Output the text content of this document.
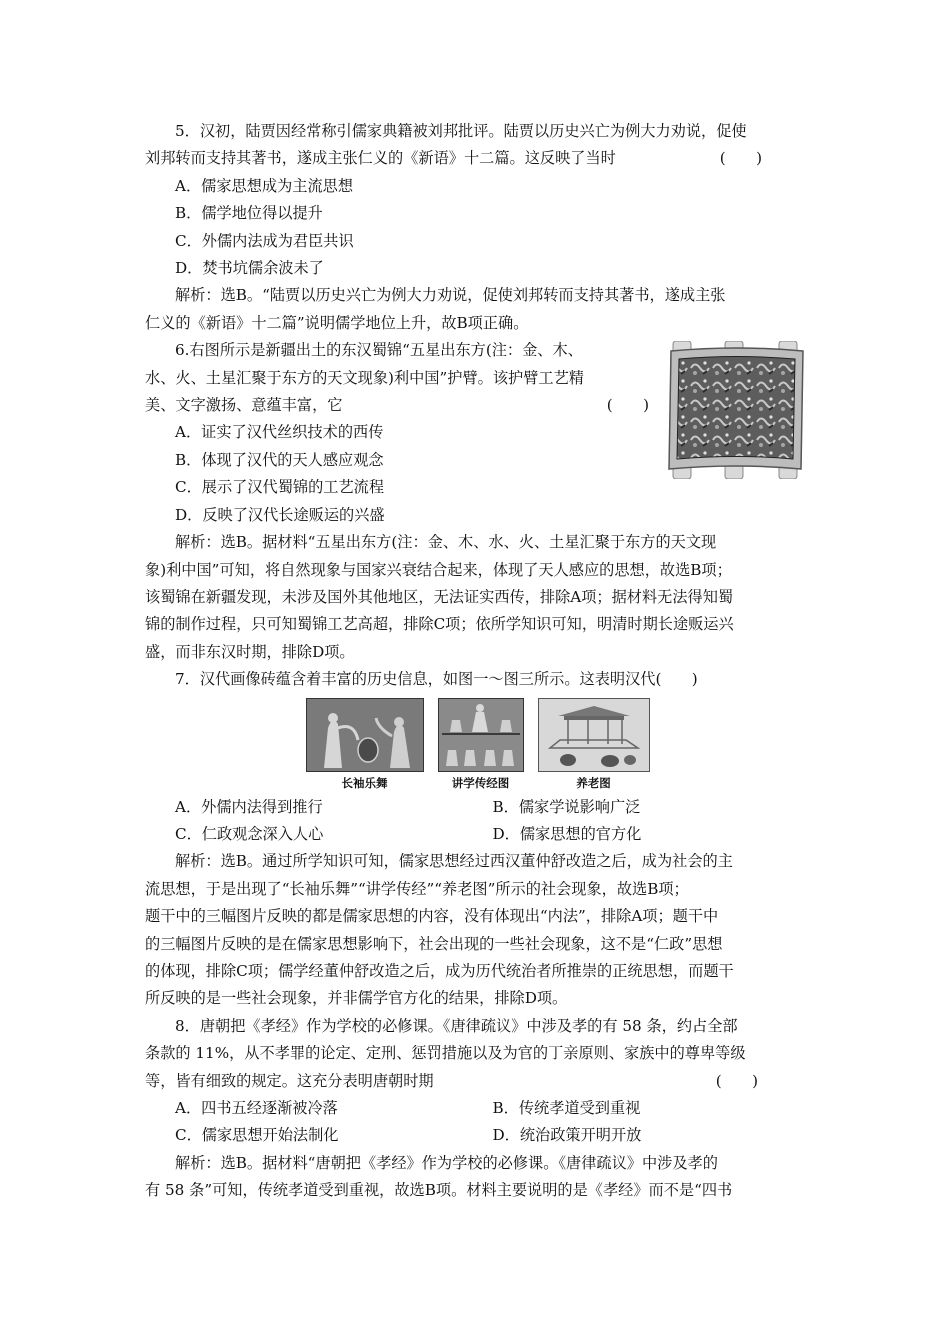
5．汉初，陆贾因经常称引儒家典籍被刘邦批评。陆贾以历史兴亡为例大力劝说，促使

刘邦转而支持其著书，遂成主张仁义的《新语》十二篇。这反映了当时	(　　)

A．儒家思想成为主流思想

B．儒学地位得以提升

C．外儒内法成为君臣共识

D．焚书坑儒余波未了

解析：选B。“陆贾以历史兴亡为例大力劝说，促使刘邦转而支持其著书，遂成主张

仁义的《新语》十二篇”说明儒学地位上升，故B项正确。

6.右图所示是新疆出土的东汉蜀锦“五星出东方(注：金、木、

水、火、土星汇聚于东方的天文现象)利中国”护臂。该护臂工艺精

美、文字激扬、意蕴丰富，它	(　　)

A．证实了汉代丝织技术的西传

B．体现了汉代的天人感应观念

C．展示了汉代蜀锦的工艺流程

D．反映了汉代长途贩运的兴盛

解析：选B。据材料“五星出东方(注：金、木、水、火、土星汇聚于东方的天文现

象)利中国”可知，将自然现象与国家兴衰结合起来，体现了天人感应的思想，故选B项；

该蜀锦在新疆发现，未涉及国外其他地区，无法证实西传，排除A项；据材料无法得知蜀

锦的制作过程，只可知蜀锦工艺高超，排除C项；依所学知识可知，明清时期长途贩运兴

盛，而非东汉时期，排除D项。

7．汉代画像砖蕴含着丰富的历史信息，如图一～图三所示。这表明汉代(　　)

长袖乐舞	讲学传经图	养老图
A．外儒内法得到推行	B．儒家学说影响广泛
C．仁政观念深入人心	D．儒家思想的官方化

解析：选B。通过所学知识可知，儒家思想经过西汉董仲舒改造之后，成为社会的主

流思想，于是出现了“长袖乐舞”“讲学传经”“养老图”所示的社会现象，故选B项；

题干中的三幅图片反映的都是儒家思想的内容，没有体现出“内法”，排除A项；题干中

的三幅图片反映的是在儒家思想影响下，社会出现的一些社会现象，这不是“仁政”思想

的体现，排除C项；儒学经董仲舒改造之后，成为历代统治者所推崇的正统思想，而题干

所反映的是一些社会现象，并非儒学官方化的结果，排除D项。

8．唐朝把《孝经》作为学校的必修课。《唐律疏议》中涉及孝的有 58 条，约占全部

条款的 11%，从不孝罪的论定、定刑、惩罚措施以及为官的丁亲原则、家族中的尊卑等级

等，皆有细致的规定。这充分表明唐朝时期	(　　)

A．四书五经逐渐被冷落	B．传统孝道受到重视
C．儒家思想开始法制化	D．统治政策开明开放

解析：选B。据材料“唐朝把《孝经》作为学校的必修课。《唐律疏议》中涉及孝的

有 58 条”可知，传统孝道受到重视，故选B项。材料主要说明的是《孝经》而不是“四书
